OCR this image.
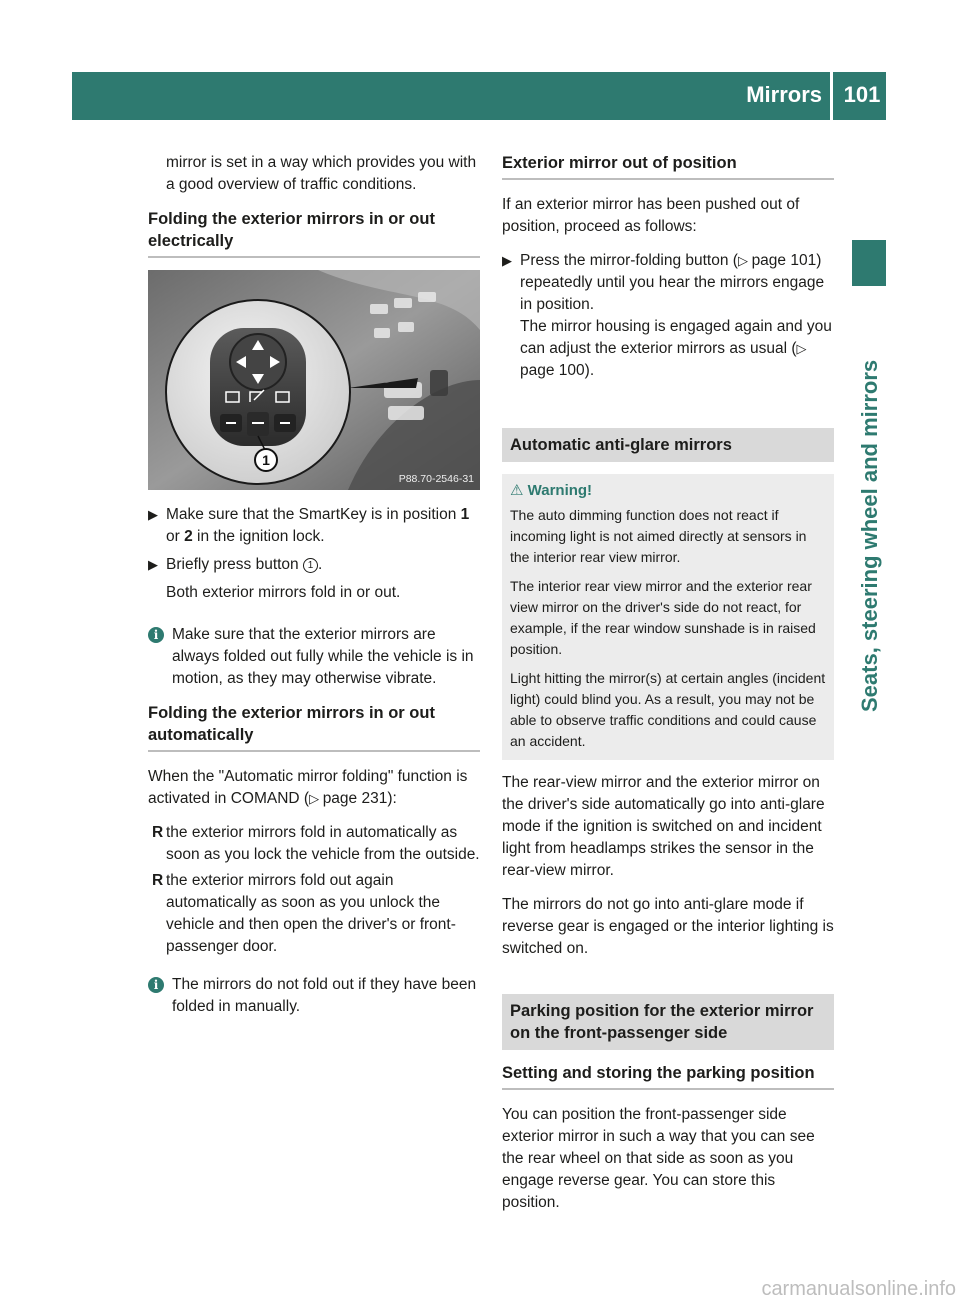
Mirrors 101
Seats, steering wheel and mirrors

mirror is set in a way which provides you with a good overview of traffic conditions.

Folding the exterior mirrors in or out electrically
1
P88.70-2546-31
▶ Make sure that the SmartKey is in position 1 or 2 in the ignition lock.
▶ Briefly press button 1 .
Both exterior mirrors fold in or out.
i Make sure that the exterior mirrors are always folded out fully while the vehicle is in motion, as they may otherwise vibrate.
Folding the exterior mirrors in or out automatically

When the "Automatic mirror folding" function is activated in COMAND (▷ page 231):

R the exterior mirrors fold in automatically as soon as you lock the vehicle from the outside.
R the exterior mirrors fold out again automatically as soon as you unlock the vehicle and then open the driver's or front-passenger door.
i The mirrors do not fold out if they have been folded in manually.
Exterior mirror out of position

If an exterior mirror has been pushed out of position, proceed as follows:

▶ Press the mirror-folding button (▷ page 101) repeatedly until you hear the mirrors engage in position.
The mirror housing is engaged again and you can adjust the exterior mirrors as usual (▷ page 100).
Automatic anti-glare mirrors
⚠ Warning!

The auto dimming function does not react if incoming light is not aimed directly at sensors in the interior rear view mirror.

The interior rear view mirror and the exterior rear view mirror on the driver's side do not react, for example, if the rear window sunshade is in raised position.

Light hitting the mirror(s) at certain angles (incident light) could blind you. As a result, you may not be able to observe traffic conditions and could cause an accident.

The rear-view mirror and the exterior mirror on the driver's side automatically go into anti-glare mode if the ignition is switched on and incident light from headlamps strikes the sensor in the rear-view mirror.

The mirrors do not go into anti-glare mode if reverse gear is engaged or the interior lighting is switched on.

Parking position for the exterior mirror on the front-passenger side
Setting and storing the parking position

You can position the front-passenger side exterior mirror in such a way that you can see the rear wheel on that side as soon as you engage reverse gear. You can store this position.

carmanualsonline.info
